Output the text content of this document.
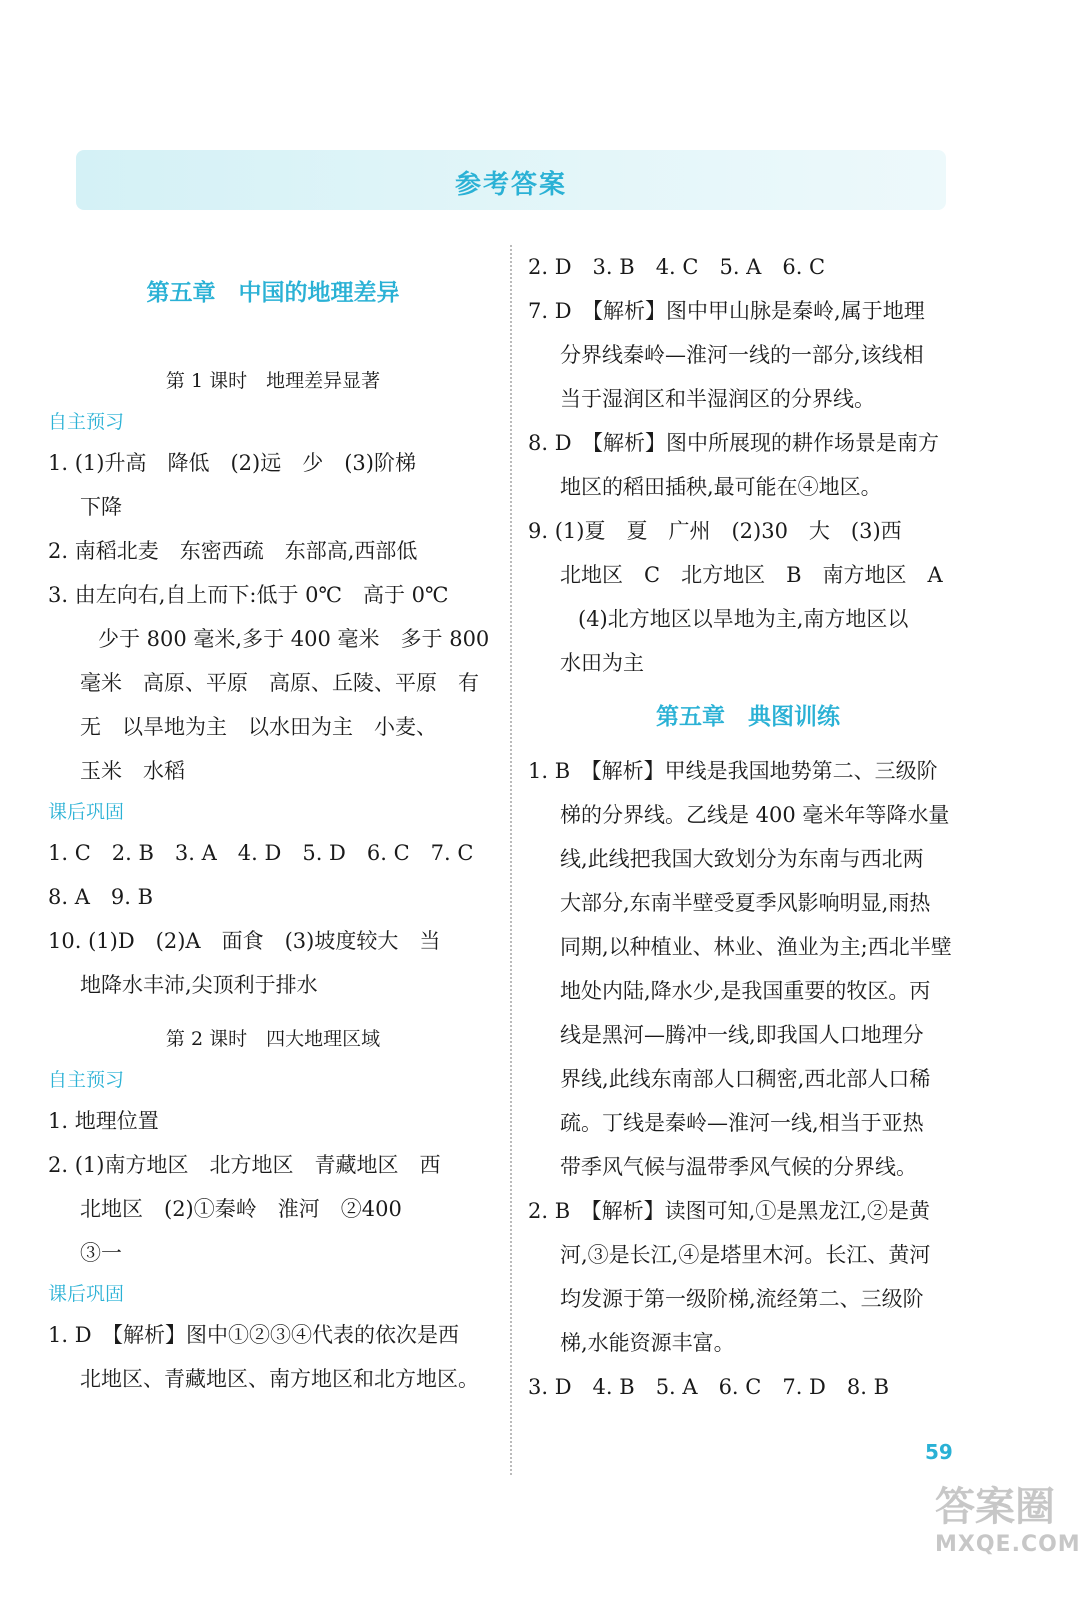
参考答案
第五章　中国的地理差异
第 1 课时　地理差异显著
自主预习
1. (1)升高　降低　(2)远　少　(3)阶梯
下降
2. 南稻北麦　东密西疏　东部高,西部低
3. 由左向右,自上而下:低于 0℃　高于 0℃
少于 800 毫米,多于 400 毫米　多于 800
毫米　高原、平原　高原、丘陵、平原　有
无　以旱地为主　以水田为主　小麦、
玉米　水稻
课后巩固
1. C　2. B　3. A　4. D　5. D　6. C　7. C
8. A　9. B
10. (1)D　(2)A　面食　(3)坡度较大　当
地降水丰沛,尖顶利于排水
第 2 课时　四大地理区域
自主预习
1. 地理位置
2. (1)南方地区　北方地区　青藏地区　西
北地区　(2)①秦岭　淮河　②400
③一
课后巩固
1. D　【解析】图中①②③④代表的依次是西
北地区、青藏地区、南方地区和北方地区。
2. D　3. B　4. C　5. A　6. C
7. D　【解析】图中甲山脉是秦岭,属于地理
分界线秦岭—淮河一线的一部分,该线相
当于湿润区和半湿润区的分界线。
8. D　【解析】图中所展现的耕作场景是南方
地区的稻田插秧,最可能在④地区。
9. (1)夏　夏　广州　(2)30　大　(3)西
北地区　C　北方地区　B　南方地区　A
(4)北方地区以旱地为主,南方地区以
水田为主
第五章　典图训练
1. B　【解析】甲线是我国地势第二、三级阶
梯的分界线。乙线是 400 毫米年等降水量
线,此线把我国大致划分为东南与西北两
大部分,东南半壁受夏季风影响明显,雨热
同期,以种植业、林业、渔业为主;西北半壁
地处内陆,降水少,是我国重要的牧区。丙
线是黑河—腾冲一线,即我国人口地理分
界线,此线东南部人口稠密,西北部人口稀
疏。丁线是秦岭—淮河一线,相当于亚热
带季风气候与温带季风气候的分界线。
2. B　【解析】读图可知,①是黑龙江,②是黄
河,③是长江,④是塔里木河。长江、黄河
均发源于第一级阶梯,流经第二、三级阶
梯,水能资源丰富。
3. D　4. B　5. A　6. C　7. D　8. B
59
答案圈
MXQE.COM
